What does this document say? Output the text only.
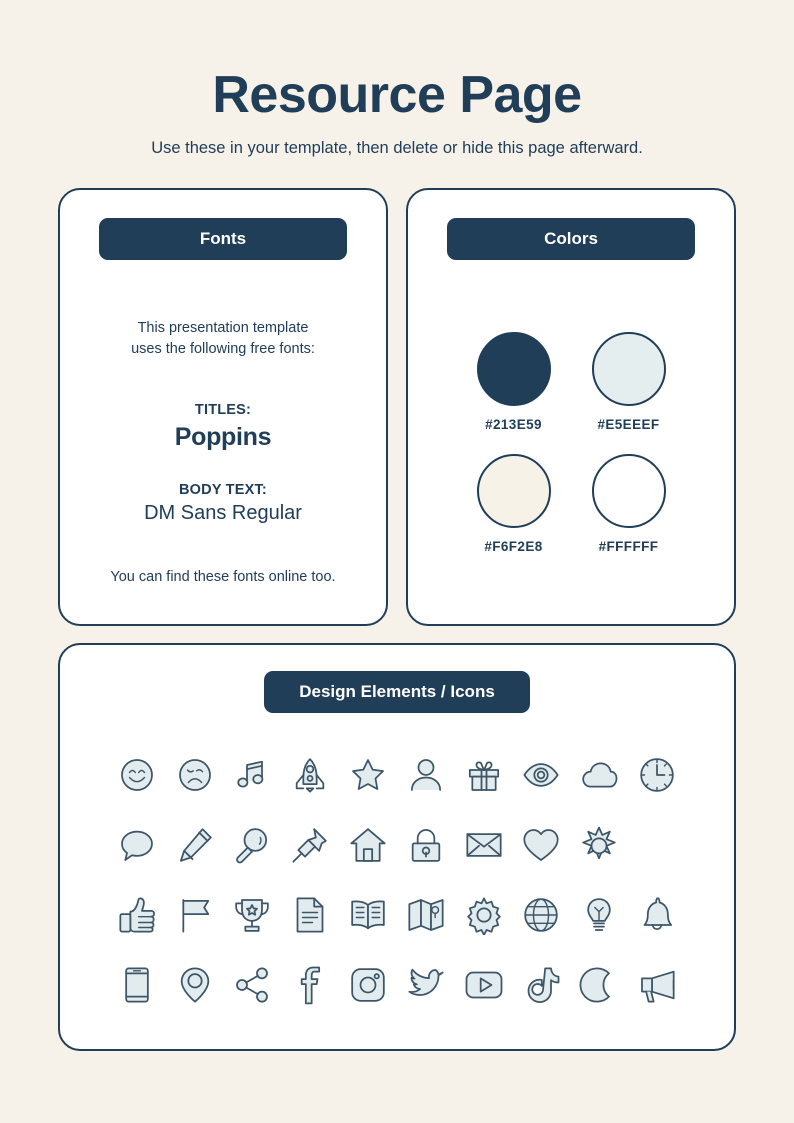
Resource Page

Use these in your template, then delete or hide this page afterward.

Fonts
This presentation template
uses the following free fonts:
TITLES:
Poppins
BODY TEXT:
DM Sans Regular
You can find these fonts online too.
Colors
#213E59	#E5EEEF
#F6F2E8	#FFFFFF
Design Elements / Icons
